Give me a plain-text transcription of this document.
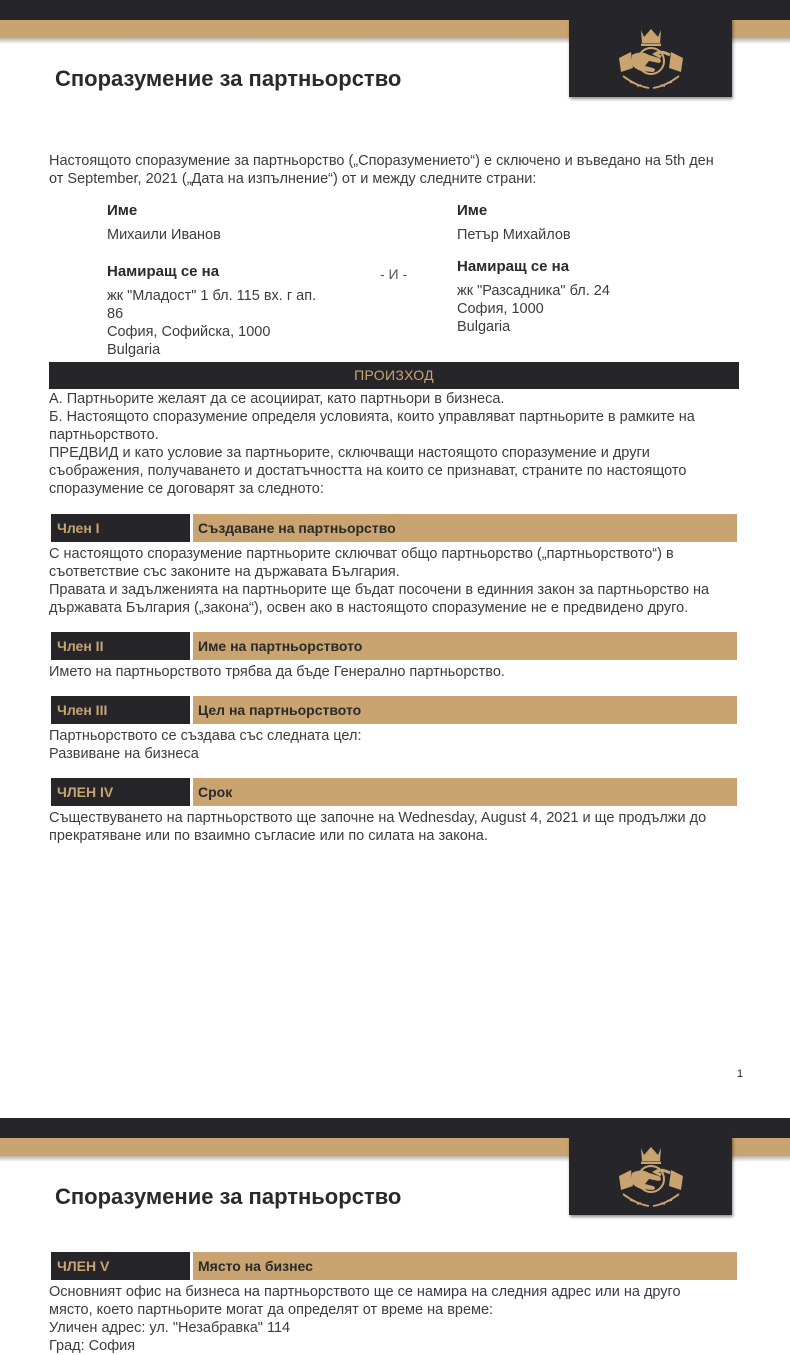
Споразумение за партньорство
Настоящото споразумение за партньорство („Споразумението“) е сключено и въведано на 5th ден
от September, 2021 („Дата на изпълнение“) от и между следните страни:
Име
Михаили Иванов
Намиращ се на
жк "Младост" 1 бл. 115 вх. г ап.
86
София, Софийска, 1000
Bulgaria
- И -
Име
Петър Михайлов
Намиращ се на
жк "Разсадника" бл. 24
София, 1000
Bulgaria
ПРОИЗХОД
А. Партньорите желаят да се асоциират, като партньори в бизнеса.
Б. Настоящото споразумение определя условията, които управляват партньорите в рамките на
партньорството.
ПРЕДВИД и като условие за партньорите, сключващи настоящото споразумение и други
съображения, получаването и достатъчността на които се признават, страните по настоящото
споразумение се договарят за следното:
Член I	Създаване на партньорство
С настоящото споразумение партньорите сключват общо партньорство („партньорството“) в
съответствие със законите на държавата България.
Правата и задълженията на партньорите ще бъдат посочени в единния закон за партньорство на
държавата България („закона“), освен ако в настоящото споразумение не е предвидено друго.
Член II	Име на партньорството
Името на партньорството трябва да бъде Генерално партньорство.
Член III	Цел на партньорството
Партньорството се създава със следната цел:
Развиване на бизнеса
ЧЛЕН IV	Срок
Съществуването на партньорството ще започне на Wednesday, August 4, 2021 и ще продължи до
прекратяване или по взаимно съгласие или по силата на закона.
1
Споразумение за партньорство
ЧЛЕН V	Място на бизнес
Основният офис на бизнеса на партньорството ще се намира на следния адрес или на друго
място, което партньорите могат да определят от време на време:
Уличен адрес: ул. "Незабравка" 114
Град: София
